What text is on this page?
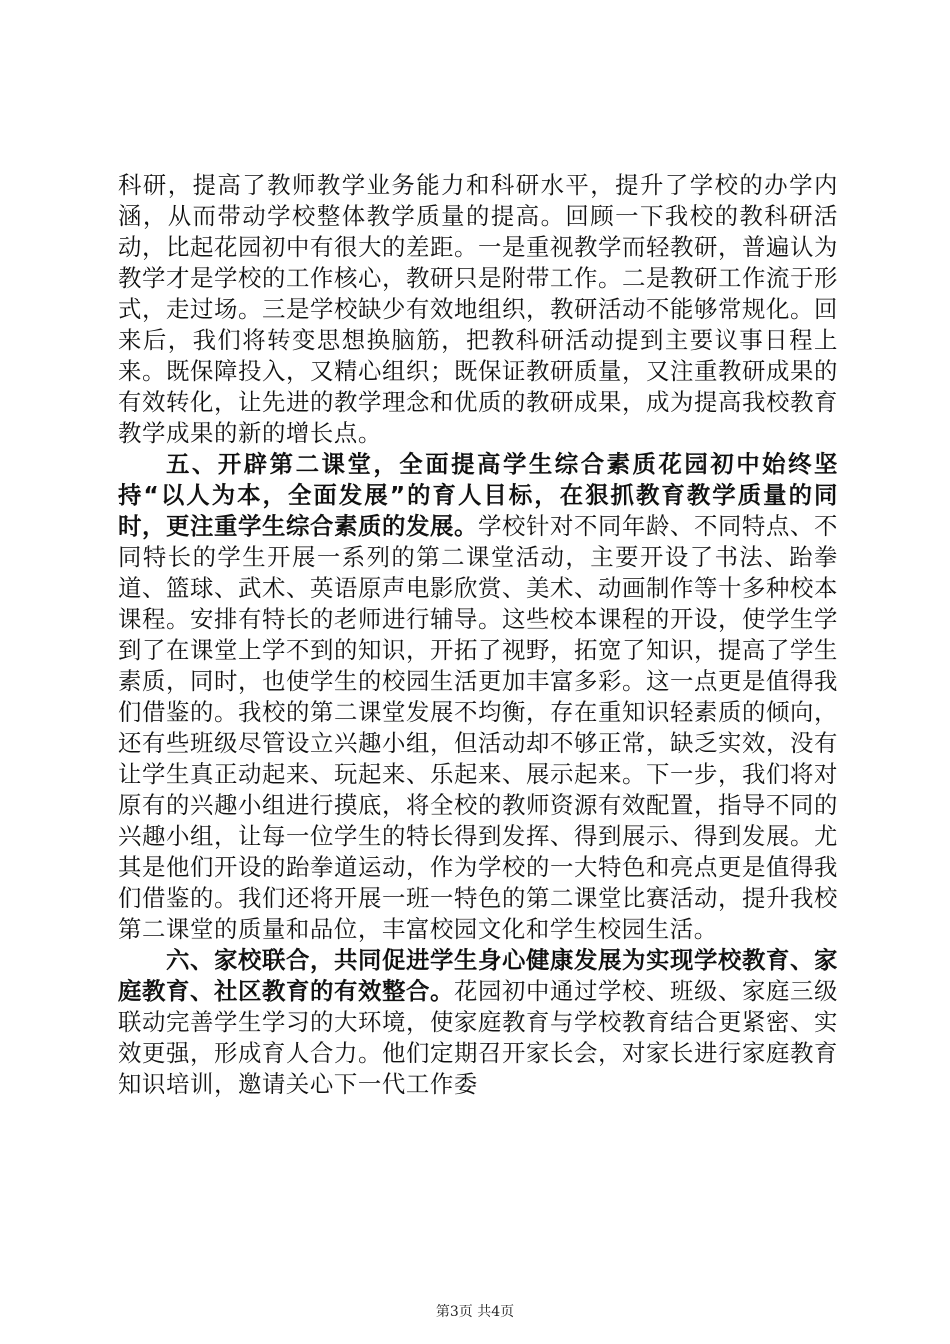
科研，提高了教师教学业务能力和科研水平，提升了学校的办学内涵，从而带动学校整体教学质量的提高。回顾一下我校的教科研活动，比起花园初中有很大的差距。一是重视教学而轻教研，普遍认为教学才是学校的工作核心，教研只是附带工作。二是教研工作流于形式，走过场。三是学校缺少有效地组织，教研活动不能够常规化。回来后，我们将转变思想换脑筋，把教科研活动提到主要议事日程上来。既保障投入，又精心组织；既保证教研质量，又注重教研成果的有效转化，让先进的教学理念和优质的教研成果，成为提高我校教育教学成果的新的增长点。

五、开辟第二课堂，全面提高学生综合素质花园初中始终坚持“以人为本，全面发展”的育人目标，在狠抓教育教学质量的同时，更注重学生综合素质的发展。学校针对不同年龄、不同特点、不同特长的学生开展一系列的第二课堂活动，主要开设了书法、跆拳道、篮球、武术、英语原声电影欣赏、美术、动画制作等十多种校本课程。安排有特长的老师进行辅导。这些校本课程的开设，使学生学到了在课堂上学不到的知识，开拓了视野，拓宽了知识，提高了学生素质，同时，也使学生的校园生活更加丰富多彩。这一点更是值得我们借鉴的。我校的第二课堂发展不均衡，存在重知识轻素质的倾向，还有些班级尽管设立兴趣小组，但活动却不够正常，缺乏实效，没有让学生真正动起来、玩起来、乐起来、展示起来。下一步，我们将对原有的兴趣小组进行摸底，将全校的教师资源有效配置，指导不同的兴趣小组，让每一位学生的特长得到发挥、得到展示、得到发展。尤其是他们开设的跆拳道运动，作为学校的一大特色和亮点更是值得我们借鉴的。我们还将开展一班一特色的第二课堂比赛活动，提升我校第二课堂的质量和品位，丰富校园文化和学生校园生活。

六、家校联合，共同促进学生身心健康发展为实现学校教育、家庭教育、社区教育的有效整合。花园初中通过学校、班级、家庭三级联动完善学生学习的大环境，使家庭教育与学校教育结合更紧密、实效更强，形成育人合力。他们定期召开家长会，对家长进行家庭教育知识培训，邀请关心下一代工作委

第3页 共4页
